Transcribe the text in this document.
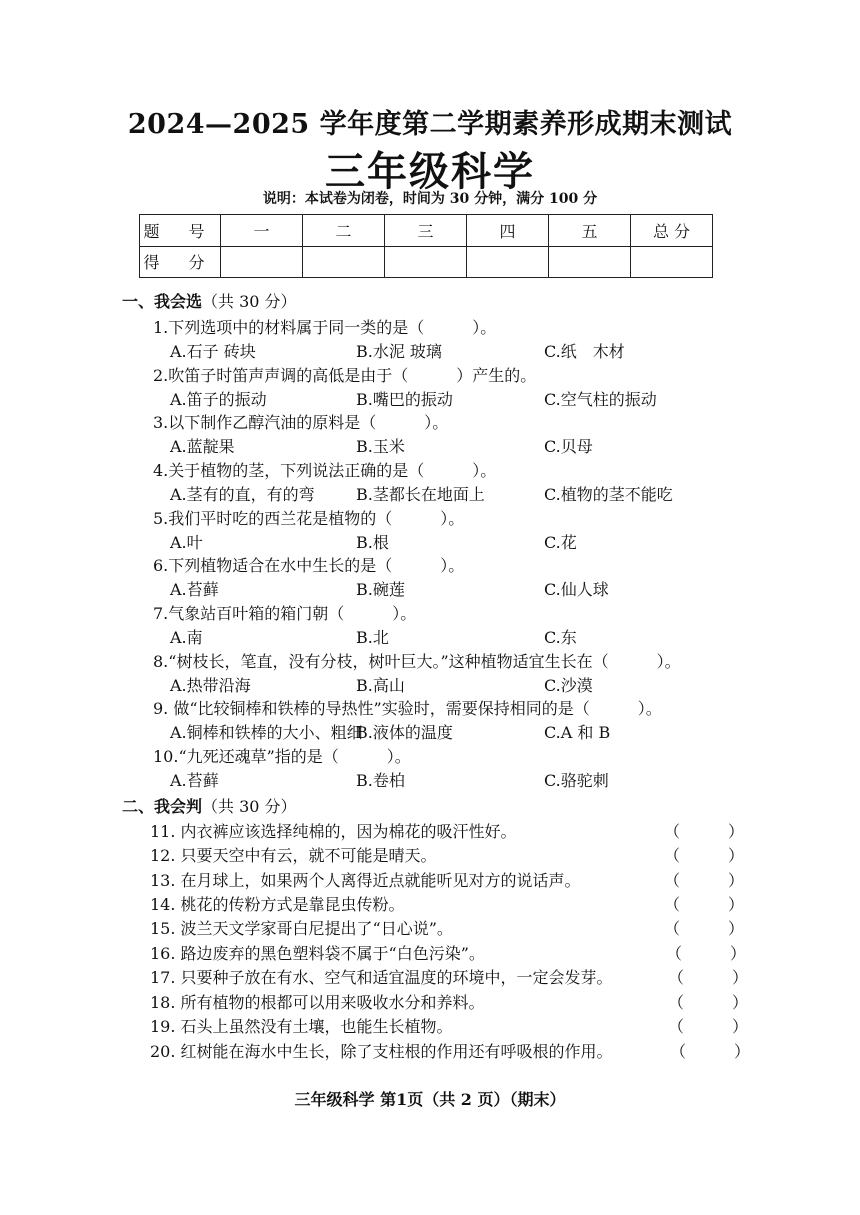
2024—2025 学年度第二学期素养形成期末测试
三年级科学
说明：本试卷为闭卷，时间为 30 分钟，满分 100 分
题 号	一	二	三	四	五	总 分
得 分						
一、我会选（共 30 分）
1.下列选项中的材料属于同一类的是（　　　）。
A.石子 砖块	B.水泥 玻璃	C.纸　木材
2.吹笛子时笛声声调的高低是由于（　　　）产生的。
A.笛子的振动	B.嘴巴的振动	C.空气柱的振动
3.以下制作乙醇汽油的原料是（　　　）。
A.蓝靛果	B.玉米	C.贝母
4.关于植物的茎，下列说法正确的是（　　　）。
A.茎有的直，有的弯	B.茎都长在地面上	C.植物的茎不能吃
5.我们平时吃的西兰花是植物的（　　　）。
A.叶	B.根	C.花
6.下列植物适合在水中生长的是（　　　）。
A.苔藓	B.碗莲	C.仙人球
7.气象站百叶箱的箱门朝（　　　）。
A.南	B.北	C.东
8.“树枝长，笔直，没有分枝，树叶巨大。”这种植物适宜生长在（　　　）。
A.热带沿海	B.高山	C.沙漠
9. 做“比较铜棒和铁棒的导热性”实验时，需要保持相同的是（　　　）。
A.铜棒和铁棒的大小、粗细
B.液体的温度	C.A 和 B
10.“九死还魂草”指的是（　　　）。
A.苔藓	B.卷柏	C.骆驼刺
二、我会判（共 30 分）
11. 内衣裤应该选择纯棉的，因为棉花的吸汗性好。	（　　　）
12. 只要天空中有云，就不可能是晴天。	（　　　）
13. 在月球上，如果两个人离得近点就能听见对方的说话声。	（　　　）
14. 桃花的传粉方式是靠昆虫传粉。	（　　　）
15. 波兰天文学家哥白尼提出了“日心说”。	（　　　）
16. 路边废弃的黑色塑料袋不属于“白色污染”。	（　　　）
17. 只要种子放在有水、空气和适宜温度的环境中，一定会发芽。	（　　　）
18. 所有植物的根都可以用来吸收水分和养料。	（　　　）
19. 石头上虽然没有土壤，也能生长植物。	（　　　）
20. 红树能在海水中生长，除了支柱根的作用还有呼吸根的作用。	（　　　）
三年级科学 第1页（共 2 页）（期末）
